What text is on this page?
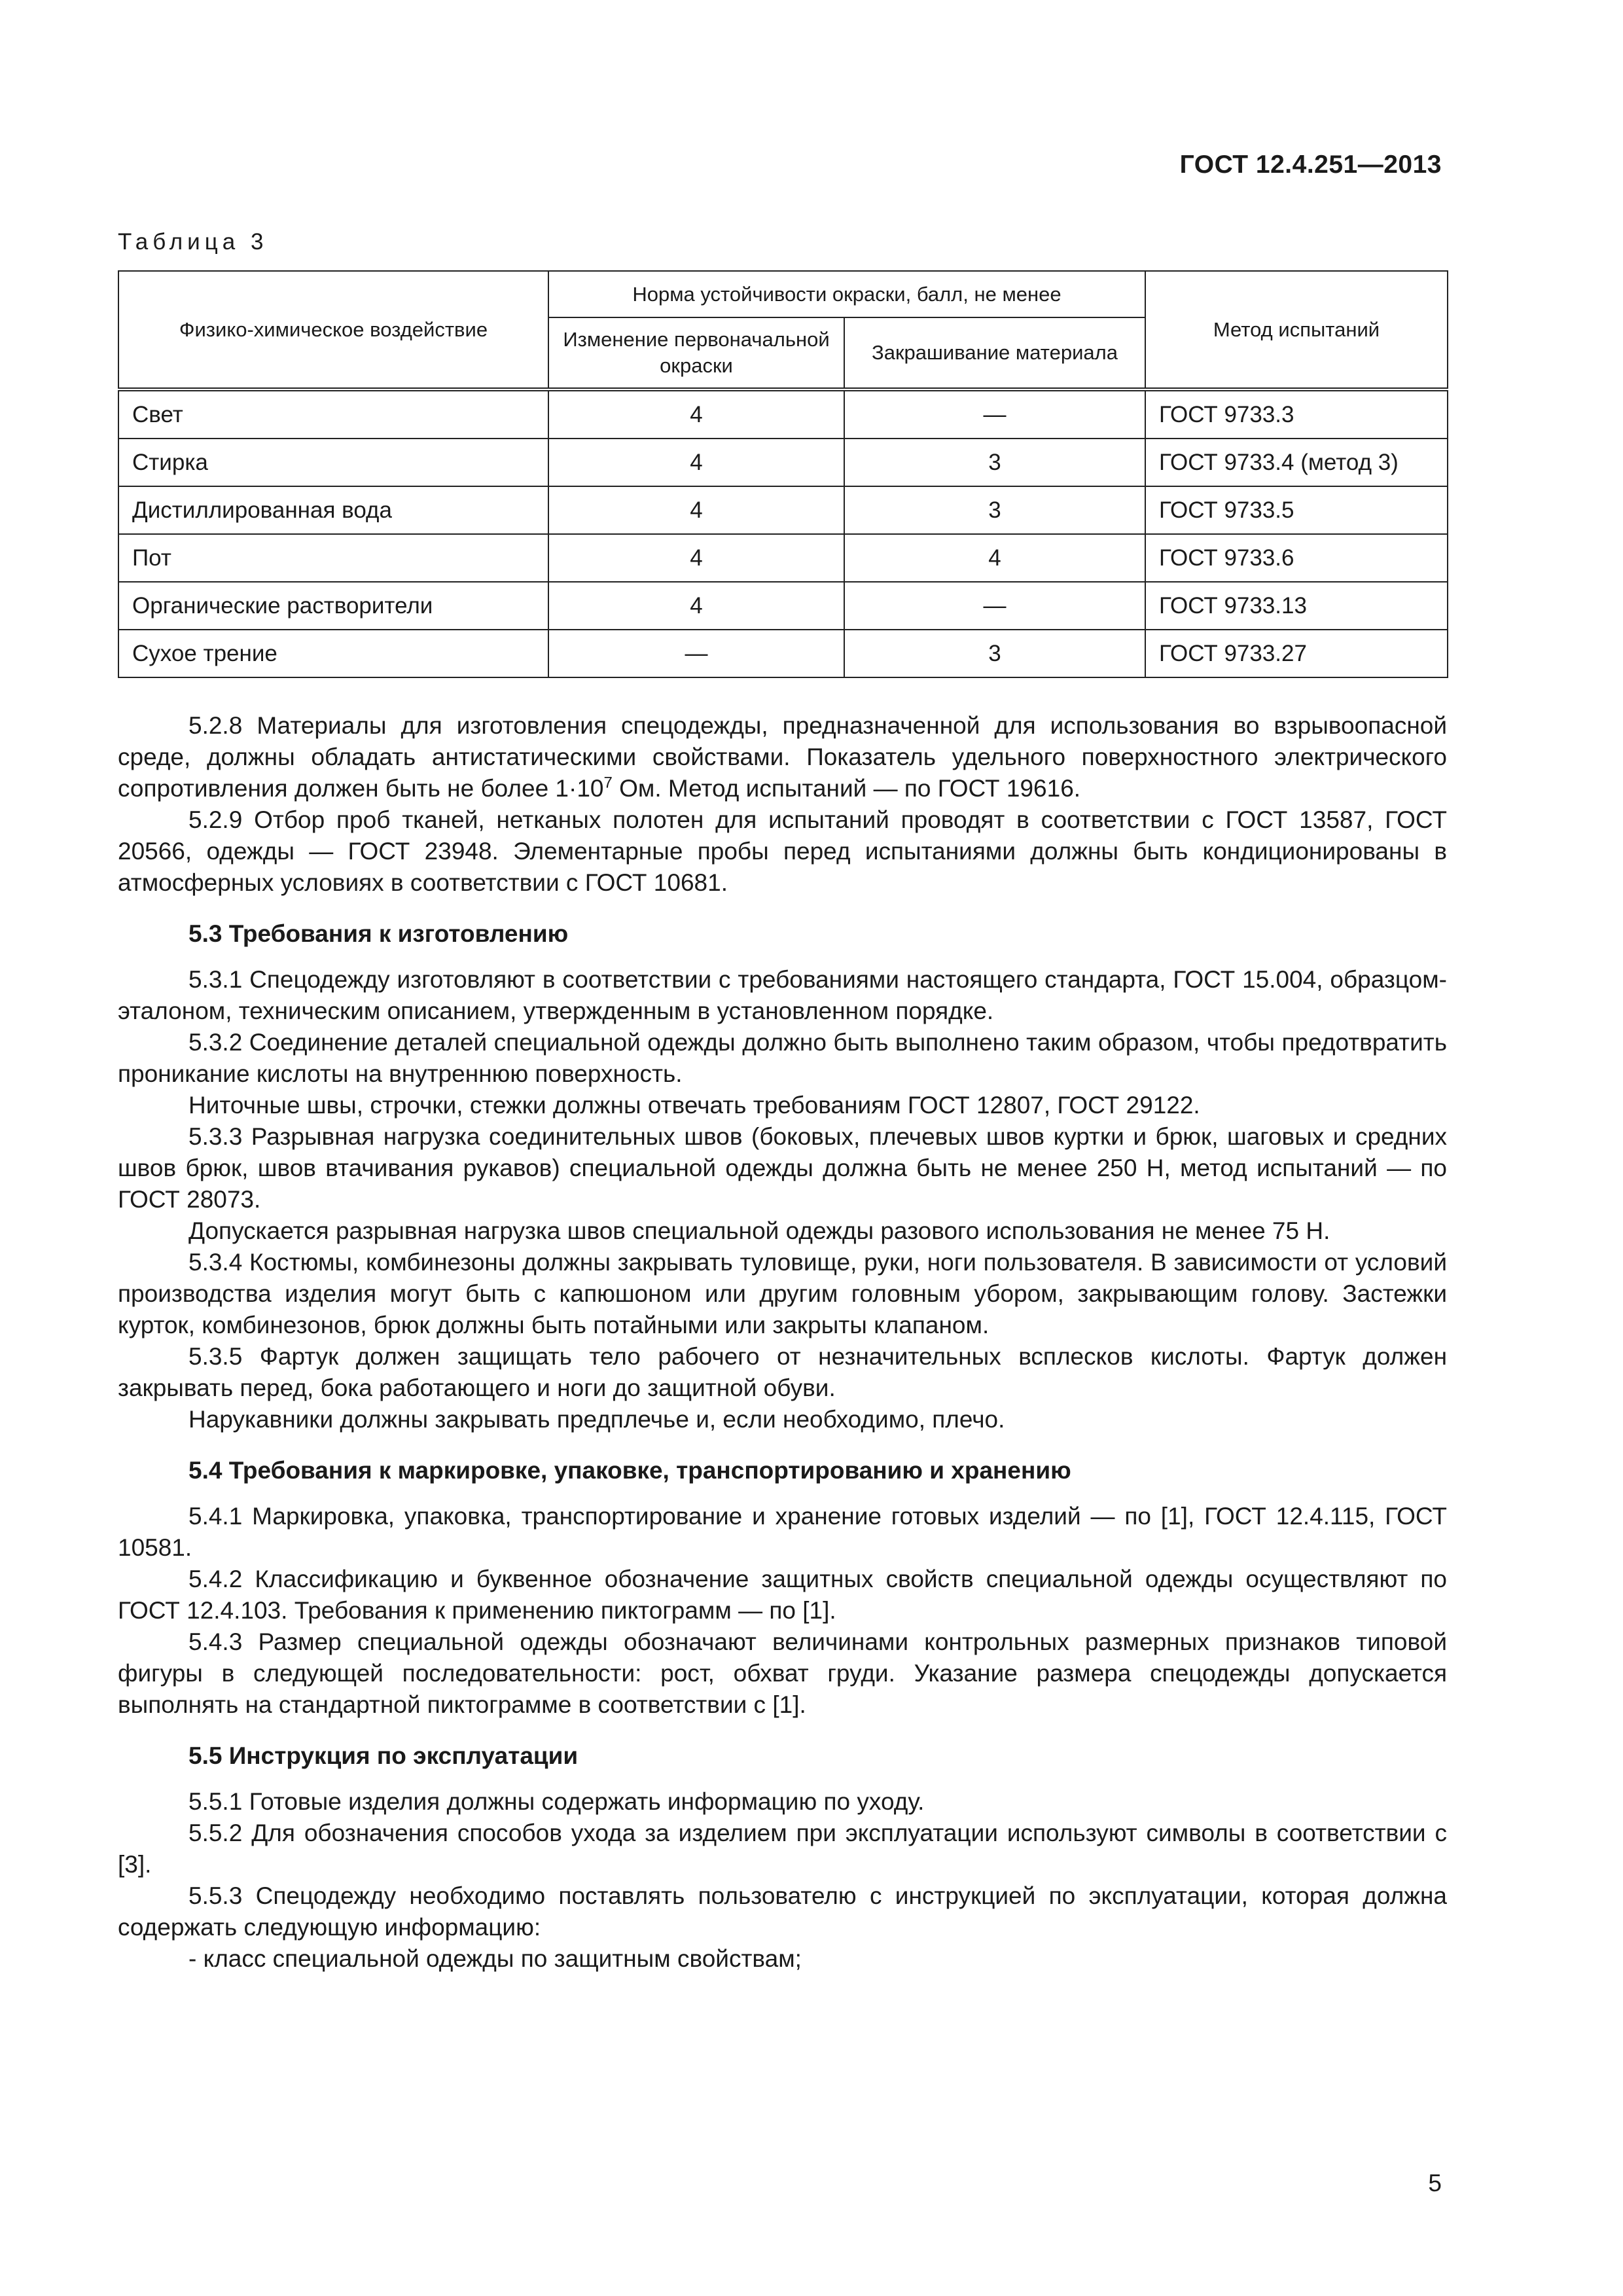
ГОСТ 12.4.251—2013
Таблица 3
Физико-химическое воздействие	Норма устойчивости окраски, балл, не менее		Метод испытаний
	Изменение первоначальной окраски	Закрашивание материала	
Свет	4	—	ГОСТ 9733.3
Стирка	4	3	ГОСТ 9733.4 (метод 3)
Дистиллированная вода	4	3	ГОСТ 9733.5
Пот	4	4	ГОСТ 9733.6
Органические растворители	4	—	ГОСТ 9733.13
Сухое трение	—	3	ГОСТ 9733.27

5.2.8 Материалы для изготовления спецодежды, предназначенной для использования во взрывоопасной среде, должны обладать антистатическими свойствами. Показатель удельного поверхностного электрического сопротивления должен быть не более $1\cdot 10^7$ Ом. Метод испытаний — по ГОСТ 19616.

5.2.9 Отбор проб тканей, нетканых полотен для испытаний проводят в соответствии с ГОСТ 13587, ГОСТ 20566, одежды — ГОСТ 23948. Элементарные пробы перед испытаниями должны быть кондиционированы в атмосферных условиях в соответствии с ГОСТ 10681.

5.3 Требования к изготовлению

5.3.1 Спецодежду изготовляют в соответствии с требованиями настоящего стандарта, ГОСТ 15.004, образцом-эталоном, техническим описанием, утвержденным в установленном порядке.

5.3.2 Соединение деталей специальной одежды должно быть выполнено таким образом, чтобы предотвратить проникание кислоты на внутреннюю поверхность.

Ниточные швы, строчки, стежки должны отвечать требованиям ГОСТ 12807, ГОСТ 29122.

5.3.3 Разрывная нагрузка соединительных швов (боковых, плечевых швов куртки и брюк, шаговых и средних швов брюк, швов втачивания рукавов) специальной одежды должна быть не менее 250 Н, метод испытаний — по ГОСТ 28073.

Допускается разрывная нагрузка швов специальной одежды разового использования не менее 75 Н.

5.3.4 Костюмы, комбинезоны должны закрывать туловище, руки, ноги пользователя. В зависимости от условий производства изделия могут быть с капюшоном или другим головным убором, закрывающим голову. Застежки курток, комбинезонов, брюк должны быть потайными или закрыты клапаном.

5.3.5 Фартук должен защищать тело рабочего от незначительных всплесков кислоты. Фартук должен закрывать перед, бока работающего и ноги до защитной обуви.

Нарукавники должны закрывать предплечье и, если необходимо, плечо.

5.4 Требования к маркировке, упаковке, транспортированию и хранению

5.4.1 Маркировка, упаковка, транспортирование и хранение готовых изделий — по [1], ГОСТ 12.4.115, ГОСТ 10581.

5.4.2 Классификацию и буквенное обозначение защитных свойств специальной одежды осуществляют по ГОСТ 12.4.103. Требования к применению пиктограмм — по [1].

5.4.3 Размер специальной одежды обозначают величинами контрольных размерных признаков типовой фигуры в следующей последовательности: рост, обхват груди. Указание размера спецодежды допускается выполнять на стандартной пиктограмме в соответствии с [1].

5.5 Инструкция по эксплуатации

5.5.1 Готовые изделия должны содержать информацию по уходу.

5.5.2 Для обозначения способов ухода за изделием при эксплуатации используют символы в соответствии с [3].

5.5.3 Спецодежду необходимо поставлять пользователю с инструкцией по эксплуатации, которая должна содержать следующую информацию:

- класс специальной одежды по защитным свойствам;

5
